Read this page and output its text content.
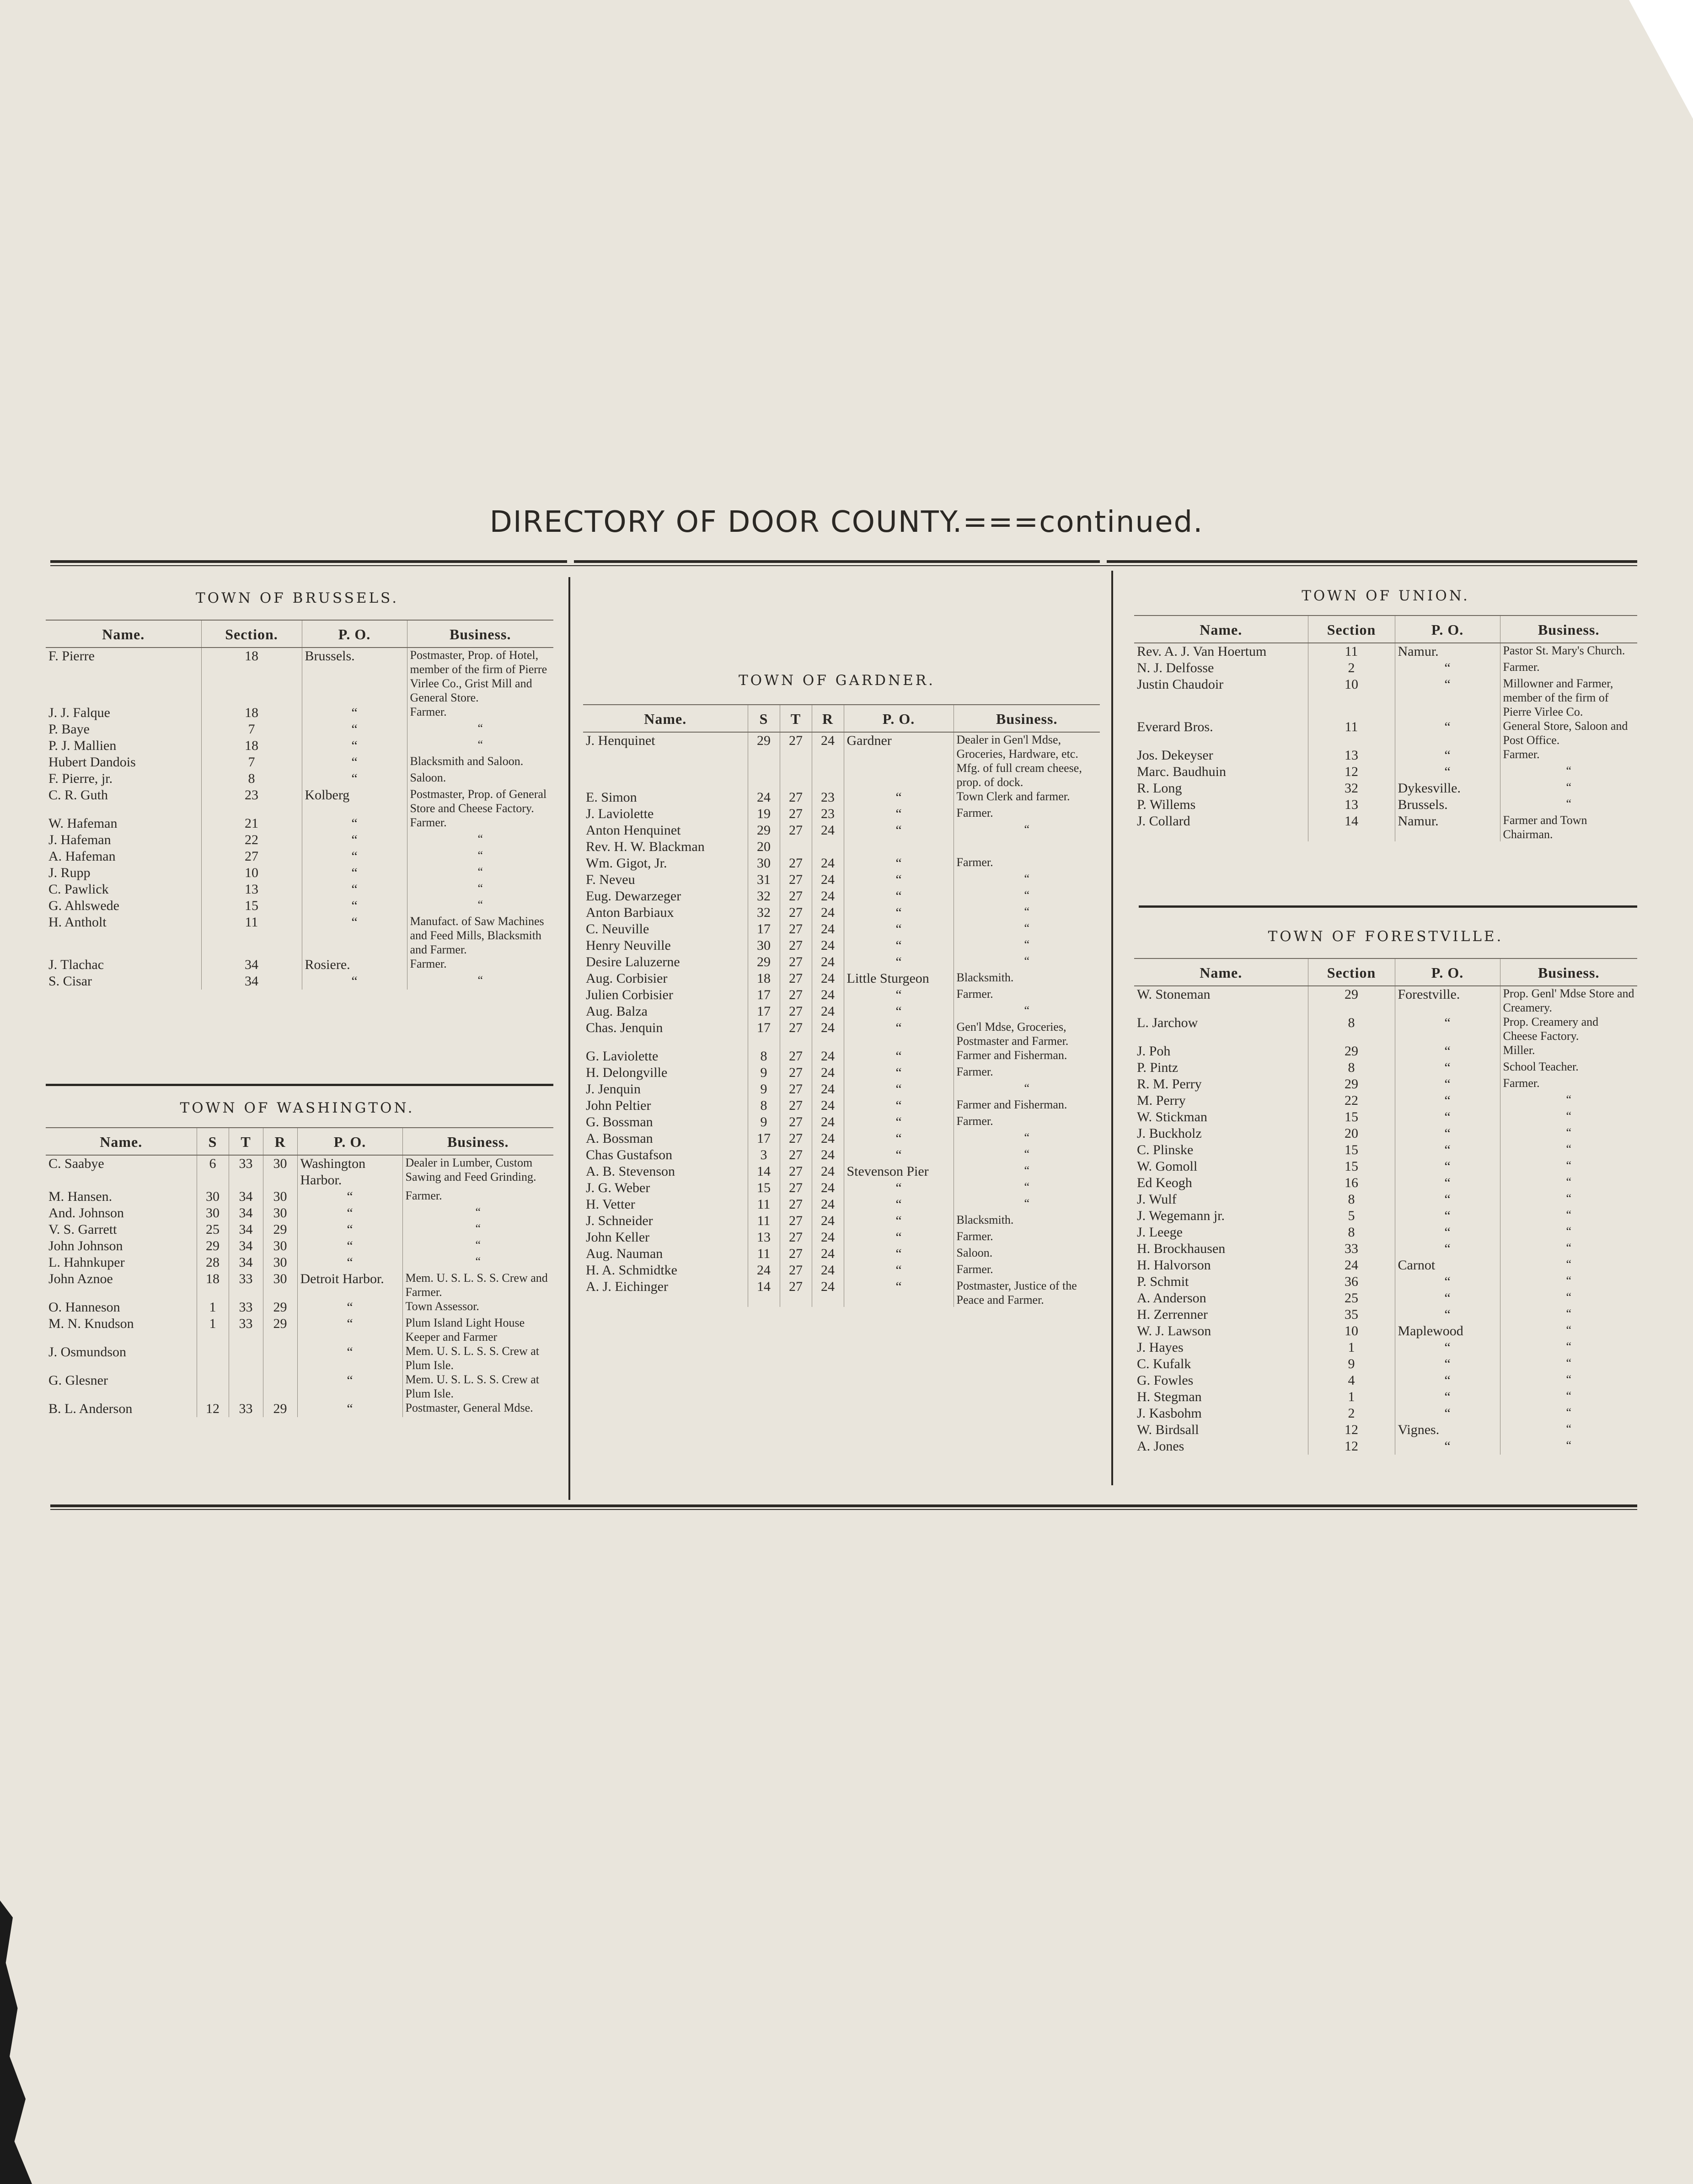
DIRECTORY OF DOOR COUNTY.===continued.
TOWN OF BRUSSELS.
Name.	Section.	P. O.	Business.
F. Pierre	18	Brussels.	Postmaster, Prop. of Hotel, member of the firm of Pierre Virlee Co., Grist Mill and General Store.
J. J. Falque	18	“	Farmer.
P. Baye	7	“	“
P. J. Mallien	18	“	“
Hubert Dandois	7	“	Blacksmith and Saloon.
F. Pierre, jr.	8	“	Saloon.
C. R. Guth	23	Kolberg	Postmaster, Prop. of General Store and Cheese Factory.
W. Hafeman	21	“	Farmer.
J. Hafeman	22	“	“
A. Hafeman	27	“	“
J. Rupp	10	“	“
C. Pawlick	13	“	“
G. Ahlswede	15	“	“
H. Antholt	11	“	Manufact. of Saw Machines and Feed Mills, Blacksmith and Farmer.
J. Tlachac	34	Rosiere.	Farmer.
S. Cisar	34	“	“
TOWN OF WASHINGTON.
Name.	S	T	R	P. O.	Business.
C. Saabye	6	33	30	Washington Harbor.	Dealer in Lumber, Custom Sawing and Feed Grinding.
M. Hansen.	30	34	30	“	Farmer.
And. Johnson	30	34	30	“	“
V. S. Garrett	25	34	29	“	“
John Johnson	29	34	30	“	“
L. Hahnkuper	28	34	30	“	“
John Aznoe	18	33	30	Detroit Harbor.	Mem. U. S. L. S. S. Crew and Farmer.
O. Hanneson	1	33	29	“	Town Assessor.
M. N. Knudson	1	33	29	“	Plum Island Light House Keeper and Farmer
J. Osmundson				“	Mem. U. S. L. S. S. Crew at Plum Isle.
G. Glesner				“	Mem. U. S. L. S. S. Crew at Plum Isle.
B. L. Anderson	12	33	29	“	Postmaster, General Mdse.
TOWN OF GARDNER.
Name.	S	T	R	P. O.	Business.
J. Henquinet	29	27	24	Gardner	Dealer in Gen'l Mdse, Groceries, Hardware, etc. Mfg. of full cream cheese, prop. of dock.
E. Simon	24	27	23	“	Town Clerk and farmer.
J. Laviolette	19	27	23	“	Farmer.
Anton Henquinet	29	27	24	“	“
Rev. H. W. Blackman	20				
Wm. Gigot, Jr.	30	27	24	“	Farmer.
F. Neveu	31	27	24	“	“
Eug. Dewarzeger	32	27	24	“	“
Anton Barbiaux	32	27	24	“	“
C. Neuville	17	27	24	“	“
Henry Neuville	30	27	24	“	“
Desire Laluzerne	29	27	24	“	“
Aug. Corbisier	18	27	24	Little Sturgeon	Blacksmith.
Julien Corbisier	17	27	24	“	Farmer.
Aug. Balza	17	27	24	“	“
Chas. Jenquin	17	27	24	“	Gen'l Mdse, Groceries, Postmaster and Farmer.
G. Laviolette	8	27	24	“	Farmer and Fisherman.
H. Delongville	9	27	24	“	Farmer.
J. Jenquin	9	27	24	“	“
John Peltier	8	27	24	“	Farmer and Fisherman.
G. Bossman	9	27	24	“	Farmer.
A. Bossman	17	27	24	“	“
Chas Gustafson	3	27	24	“	“
A. B. Stevenson	14	27	24	Stevenson Pier	“
J. G. Weber	15	27	24	“	“
H. Vetter	11	27	24	“	“
J. Schneider	11	27	24	“	Blacksmith.
John Keller	13	27	24	“	Farmer.
Aug. Nauman	11	27	24	“	Saloon.
H. A. Schmidtke	24	27	24	“	Farmer.
A. J. Eichinger	14	27	24	“	Postmaster, Justice of the Peace and Farmer.
TOWN OF UNION.
Name.	Section	P. O.	Business.
Rev. A. J. Van Hoertum	11	Namur.	Pastor St. Mary's Church.
N. J. Delfosse	2	“	Farmer.
Justin Chaudoir	10	“	Millowner and Farmer, member of the firm of Pierre Virlee Co.
Everard Bros.	11	“	General Store, Saloon and Post Office.
Jos. Dekeyser	13	“	Farmer.
Marc. Baudhuin	12	“	“
R. Long	32	Dykesville.	“
P. Willems	13	Brussels.	“
J. Collard	14	Namur.	Farmer and Town Chairman.
TOWN OF FORESTVILLE.
Name.	Section	P. O.	Business.
W. Stoneman	29	Forestville.	Prop. Genl' Mdse Store and Creamery.
L. Jarchow	8	“	Prop. Creamery and Cheese Factory.
J. Poh	29	“	Miller.
P. Pintz	8	“	School Teacher.
R. M. Perry	29	“	Farmer.
M. Perry	22	“	“
W. Stickman	15	“	“
J. Buckholz	20	“	“
C. Plinske	15	“	“
W. Gomoll	15	“	“
Ed Keogh	16	“	“
J. Wulf	8	“	“
J. Wegemann jr.	5	“	“
J. Leege	8	“	“
H. Brockhausen	33	“	“
H. Halvorson	24	Carnot	“
P. Schmit	36	“	“
A. Anderson	25	“	“
H. Zerrenner	35	“	“
W. J. Lawson	10	Maplewood	“
J. Hayes	1	“	“
C. Kufalk	9	“	“
G. Fowles	4	“	“
H. Stegman	1	“	“
J. Kasbohm	2	“	“
W. Birdsall	12	Vignes.	“
A. Jones	12	“	“
